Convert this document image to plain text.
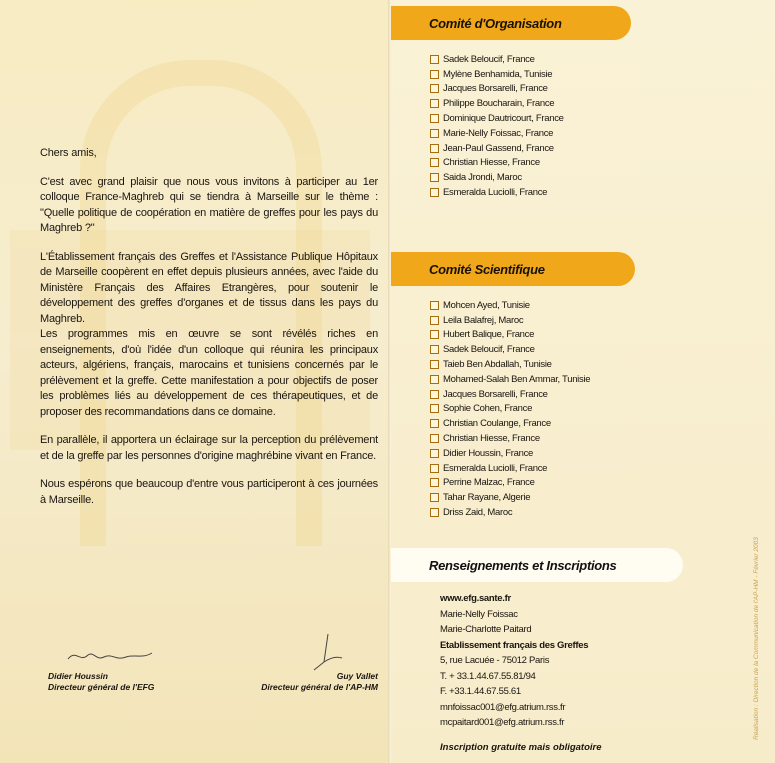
Chers amis,

C'est avec grand plaisir que nous vous invitons à participer au 1er colloque France-Maghreb qui se tiendra à Marseille sur le thème : "Quelle politique de coopération en matière de greffes pour les pays du Maghreb ?"

L'Établissement français des Greffes et l'Assistance Publique Hôpitaux de Marseille coopèrent en effet depuis plusieurs années, avec l'aide du Ministère Français des Affaires Etrangères, pour soutenir le développement des greffes d'organes et de tissus dans les pays du Maghreb.

Les programmes mis en œuvre se sont révélés riches en enseignements, d'où l'idée d'un colloque qui réunira les principaux acteurs, algériens, français, marocains et tunisiens concernés par le prélèvement et la greffe. Cette manifestation a pour objectifs de poser les problèmes liés au développement de ces thérapeutiques, et de proposer des recommandations dans ce domaine.

En parallèle, il apportera un éclairage sur la perception du prélèvement et de la greffe par les personnes d'origine maghrébine vivant en France.

Nous espérons que beaucoup d'entre vous participeront à ces journées à Marseille.

Didier Houssin
Directeur général de l'EFG
Guy Vallet
Directeur général de l'AP-HM
Comité d'Organisation
Sadek Beloucif, France
Mylène Benhamida, Tunisie
Jacques Borsarelli, France
Philippe Boucharain, France
Dominique Dautricourt, France
Marie-Nelly Foissac, France
Jean-Paul Gassend, France
Christian Hiesse, France
Saida Jrondi, Maroc
Esmeralda Luciolli, France
Comité Scientifique
Mohcen Ayed, Tunisie
Leila Balafrej, Maroc
Hubert Balique, France
Sadek Beloucif, France
Taieb Ben Abdallah, Tunisie
Mohamed-Salah Ben Ammar, Tunisie
Jacques Borsarelli, France
Sophie Cohen, France
Christian Coulange, France
Christian Hiesse, France
Didier Houssin, France
Esmeralda Luciolli, France
Perrine Malzac, France
Tahar Rayane, Algerie
Driss Zaid, Maroc
Renseignements et Inscriptions
www.efg.sante.fr
Marie-Nelly Foissac
Marie-Charlotte Paitard
Etablissement français des Greffes
5, rue Lacuée - 75012 Paris
T. + 33.1.44.67.55.81/94
F. +33.1.44.67.55.61
mnfoissac001@efg.atrium.rss.fr
mcpaitard001@efg.atrium.rss.fr
Inscription gratuite mais obligatoire
Réalisation : Direction de la Communication de l'AP-HM - Février 2003
